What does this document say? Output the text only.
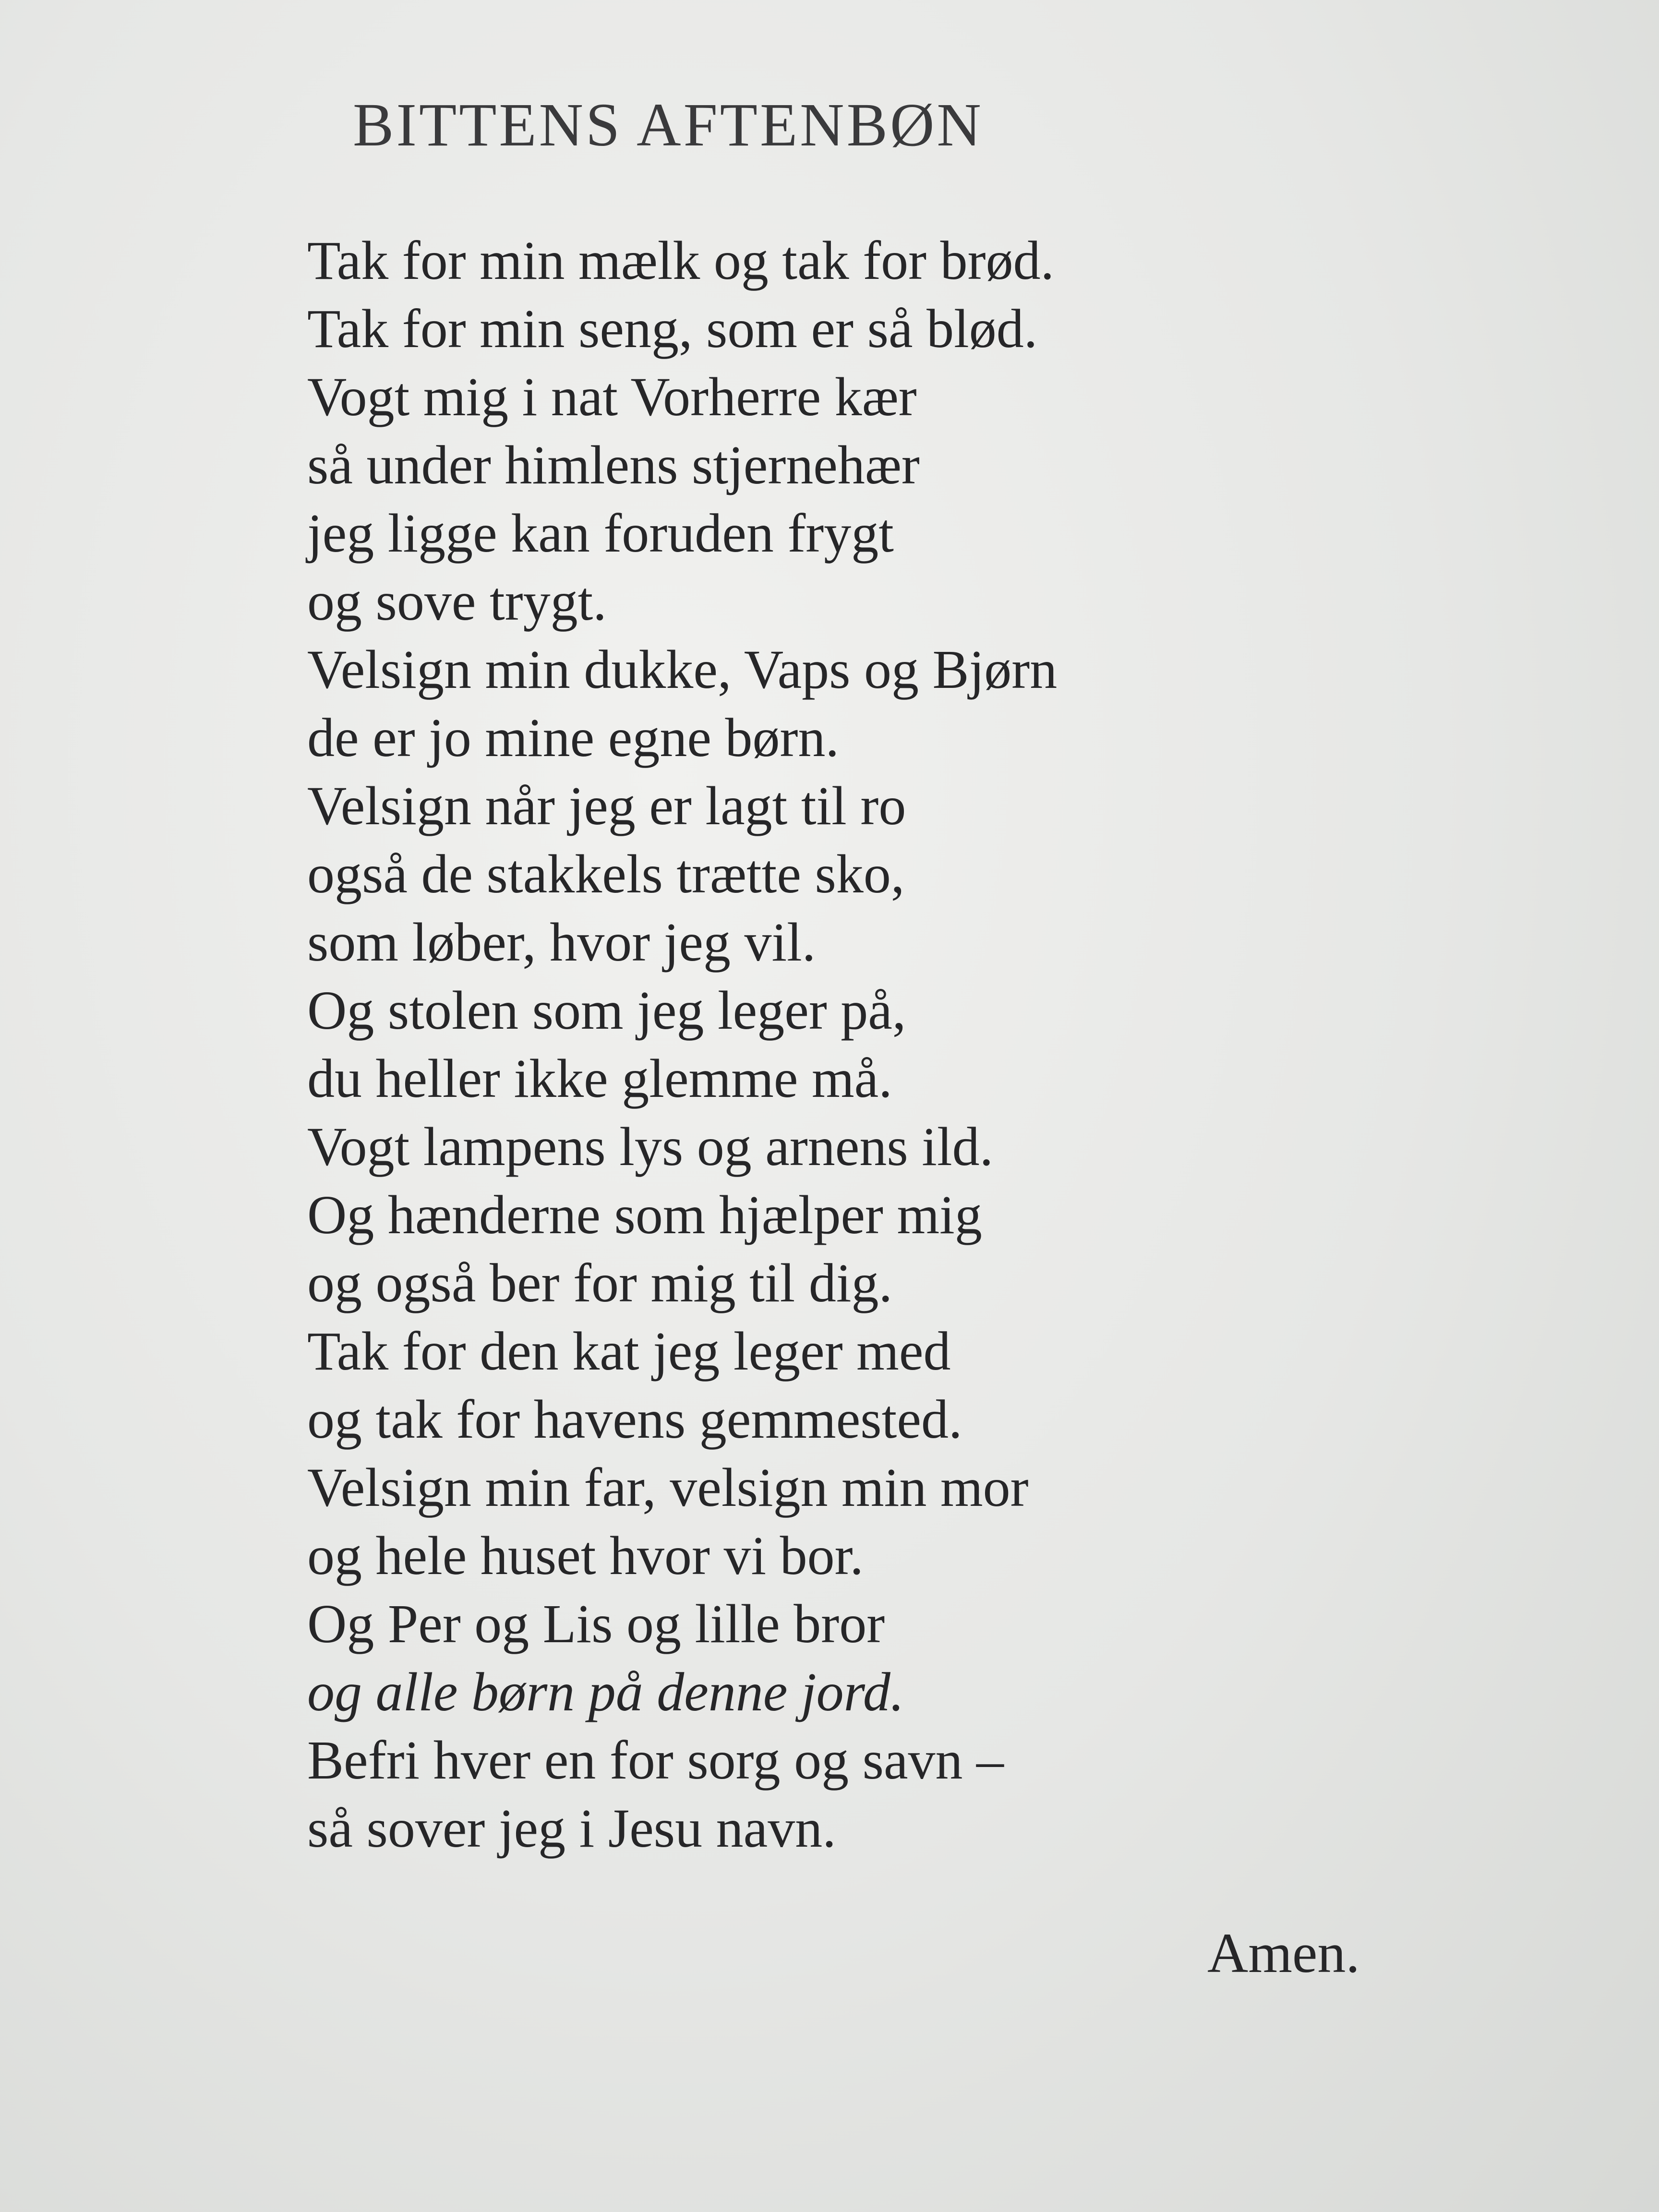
BITTENS AFTENBØN
Tak for min mælk og tak for brød.
Tak for min seng, som er så blød.
Vogt mig i nat Vorherre kær
så under himlens stjernehær
jeg ligge kan foruden frygt
og sove trygt.
Velsign min dukke, Vaps og Bjørn
de er jo mine egne børn.
Velsign når jeg er lagt til ro
også de stakkels trætte sko,
som løber, hvor jeg vil.
Og stolen som jeg leger på,
du heller ikke glemme må.
Vogt lampens lys og arnens ild.
Og hænderne som hjælper mig
og også ber for mig til dig.
Tak for den kat jeg leger med
og tak for havens gemmested.
Velsign min far, velsign min mor
og hele huset hvor vi bor.
Og Per og Lis og lille bror
og alle børn på denne jord.
Befri hver en for sorg og savn –
så sover jeg i Jesu navn.
Amen.
